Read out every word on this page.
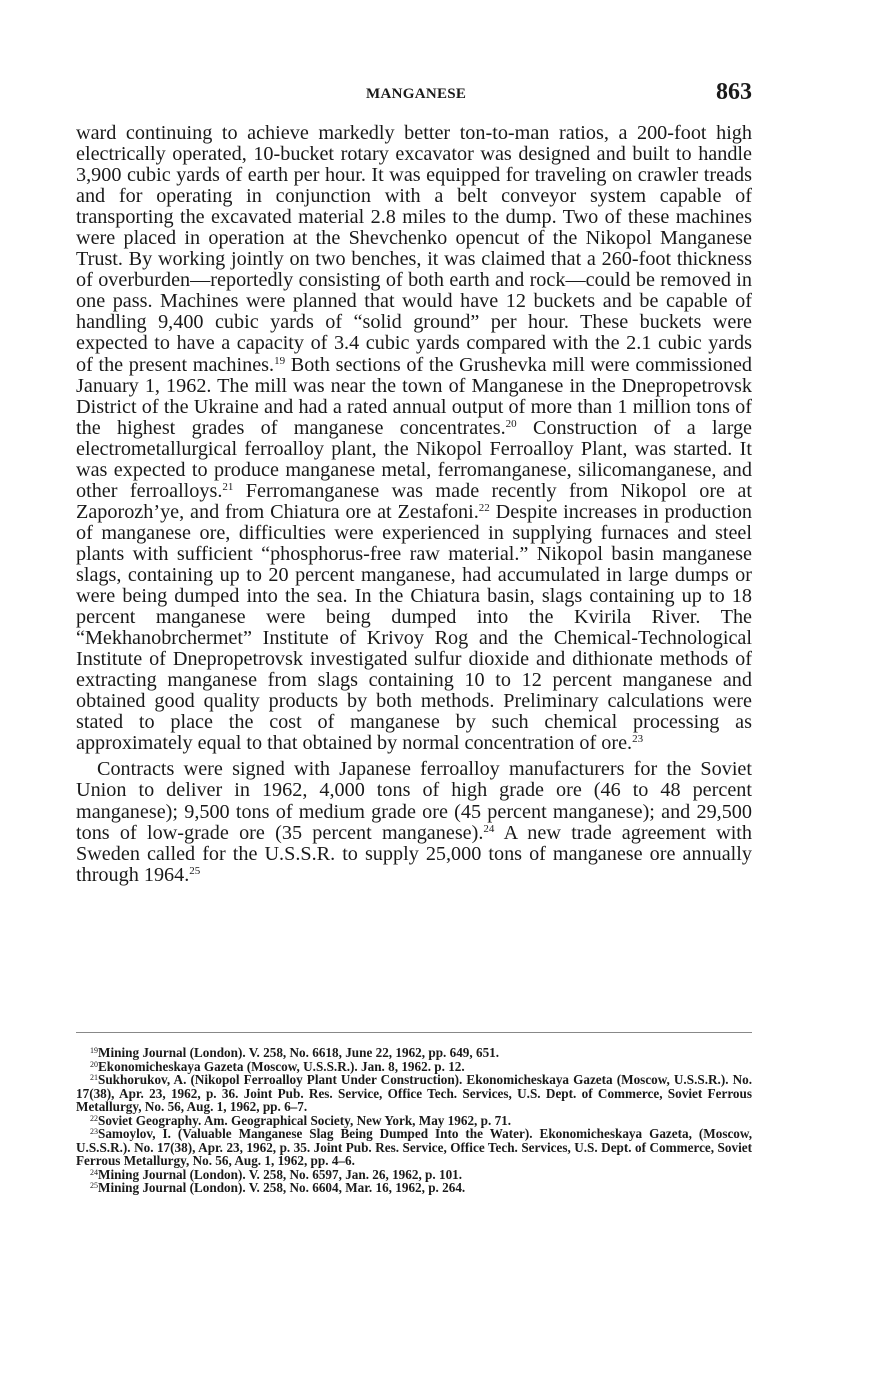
MANGANESE	863

ward continuing to achieve markedly better ton-to-man ratios, a 200-foot high electrically operated, 10-bucket rotary excavator was designed and built to handle 3,900 cubic yards of earth per hour. It was equipped for traveling on crawler treads and for operating in conjunction with a belt conveyor system capable of transporting the excavated material 2.8 miles to the dump. Two of these machines were placed in operation at the Shevchenko opencut of the Nikopol Manganese Trust. By working jointly on two benches, it was claimed that a 260-foot thickness of overburden—reportedly consisting of both earth and rock—could be removed in one pass. Machines were planned that would have 12 buckets and be capable of handling 9,400 cubic yards of “solid ground” per hour. These buckets were expected to have a capacity of 3.4 cubic yards compared with the 2.1 cubic yards of the present machines.$^{19}$ Both sections of the Grushevka mill were commissioned January 1, 1962. The mill was near the town of Manganese in the Dnepropetrovsk District of the Ukraine and had a rated annual output of more than 1 million tons of the highest grades of manganese concentrates.$^{20}$ Construction of a large electrometallurgical ferroalloy plant, the Nikopol Ferroalloy Plant, was started. It was expected to produce manganese metal, ferromanganese, silicomanganese, and other ferroalloys.$^{21}$ Ferromanganese was made recently from Nikopol ore at Zaporozh’ye, and from Chiatura ore at Zestafoni.$^{22}$ Despite increases in production of manganese ore, difficulties were experienced in supplying furnaces and steel plants with sufficient “phosphorus-free raw material.” Nikopol basin manganese slags, containing up to 20 percent manganese, had accumulated in large dumps or were being dumped into the sea. In the Chiatura basin, slags containing up to 18 percent manganese were being dumped into the Kvirila River. The “Mekhanobrchermet” Institute of Krivoy Rog and the Chemical-Technological Institute of Dnepropetrovsk investigated sulfur dioxide and dithionate methods of extracting manganese from slags containing 10 to 12 percent manganese and obtained good quality products by both methods. Preliminary calculations were stated to place the cost of manganese by such chemical processing as approximately equal to that obtained by normal concentration of ore.$^{23}$

Contracts were signed with Japanese ferroalloy manufacturers for the Soviet Union to deliver in 1962, 4,000 tons of high grade ore (46 to 48 percent manganese); 9,500 tons of medium grade ore (45 percent manganese); and 29,500 tons of low-grade ore (35 percent manganese).$^{24}$ A new trade agreement with Sweden called for the U.S.S.R. to supply 25,000 tons of manganese ore annually through 1964.25

$^{19}$Mining Journal (London). V. 258, No. 6618, June 22, 1962, pp. 649, 651.

$^{20}$Ekonomicheskaya Gazeta (Moscow, U.S.S.R.). Jan. 8, 1962. p. 12.

$^{21}$Sukhorukov, A. (Nikopol Ferroalloy Plant Under Construction). Ekonomicheskaya Gazeta (Moscow, U.S.S.R.). No. 17(38), Apr. 23, 1962, p. 36. Joint Pub. Res. Service, Office Tech. Services, U.S. Dept. of Commerce, Soviet Ferrous Metallurgy, No. 56, Aug. 1, 1962, pp. 6–7.

$^{22}$Soviet Geography. Am. Geographical Society, New York, May 1962, p. 71.

$^{23}$Samoylov, I. (Valuable Manganese Slag Being Dumped Into the Water). Ekonomicheskaya Gazeta, (Moscow, U.S.S.R.). No. 17(38), Apr. 23, 1962, p. 35. Joint Pub. Res. Service, Office Tech. Services, U.S. Dept. of Commerce, Soviet Ferrous Metallurgy, No. 56, Aug. 1, 1962, pp. 4–6.

$^{24}$Mining Journal (London). V. 258, No. 6597, Jan. 26, 1962, p. 101.

$^{25}$Mining Journal (London). V. 258, No. 6604, Mar. 16, 1962, p. 264.
